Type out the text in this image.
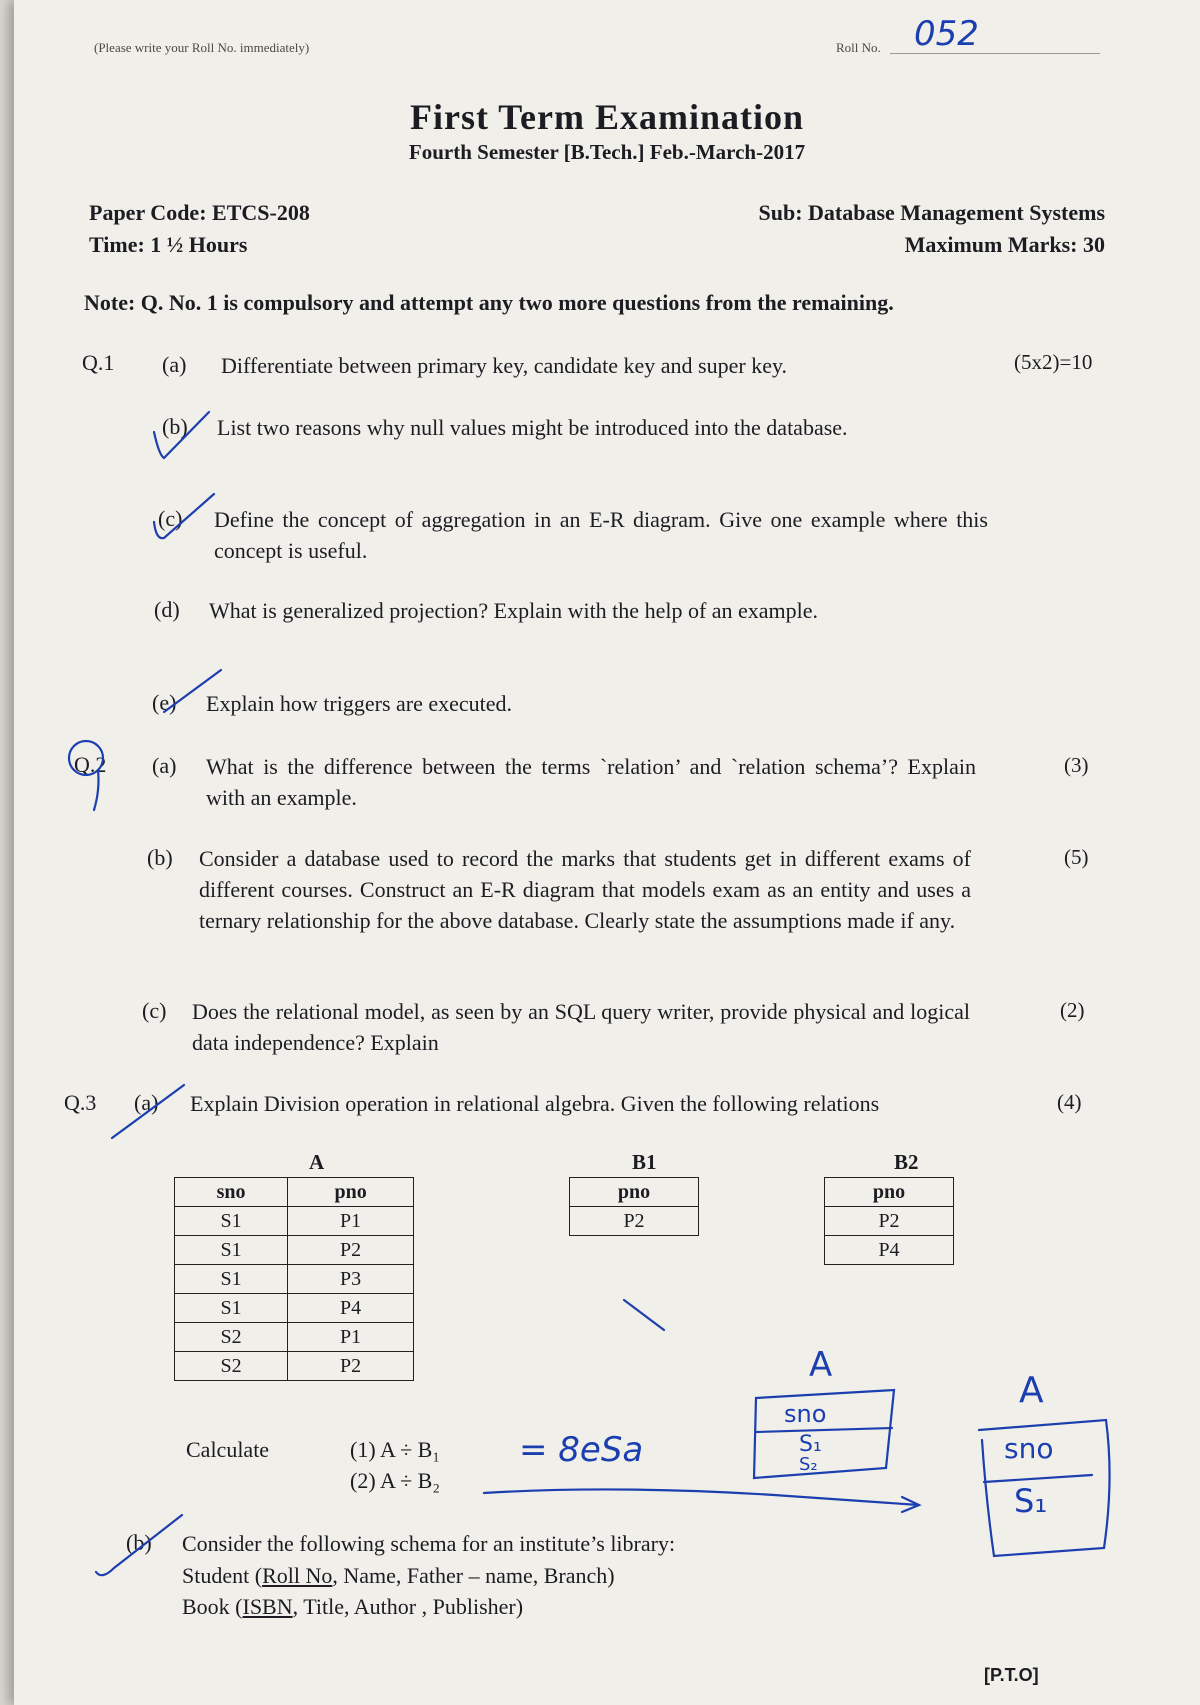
(Please write your Roll No. immediately)	Roll No. 052
First Term Examination
Fourth Semester [B.Tech.] Feb.-March-2017
Paper Code: ETCS-208	Sub: Database Management Systems
Time: 1 ½ Hours	Maximum Marks: 30
Note: Q. No. 1 is compulsory and attempt any two more questions from the remaining.
Q.1	(5x2)=10
(a) Differentiate between primary key, candidate key and super key.
(b) List two reasons why null values might be introduced into the database.
(c) Define the concept of aggregation in an E-R diagram. Give one example where this concept is useful.
(d) What is generalized projection? Explain with the help of an example.
(e) Explain how triggers are executed.
Q.2 (a) What is the difference between the terms `relation’ and `relation schema’? Explain with an example.
(3)
(b) Consider a database used to record the marks that students get in different exams of different courses. Construct an E-R diagram that models exam as an entity and uses a ternary relationship for the above database. Clearly state the assumptions made if any.
(5)
(c) Does the relational model, as seen by an SQL query writer, provide physical and logical data independence? Explain
(2)
Q.3 (a) Explain Division operation in relational algebra. Given the following relations	(4)
A
sno	pno
S1	P1
S1	P2
S1	P3
S1	P4
S2	P1
S2	P2
B1
pno
P2
B2
pno
P2
P4
Calculate	(1) A ÷ B₁
(2) A ÷ B₂
(b) Consider the following schema for an institute’s library:
Student (Roll No, Name, Father – name, Branch)
Book (ISBN, Title, Author , Publisher)
[P.T.O]
A
sno
S₁
S₂
= 8eSa
A
sno
S₁
